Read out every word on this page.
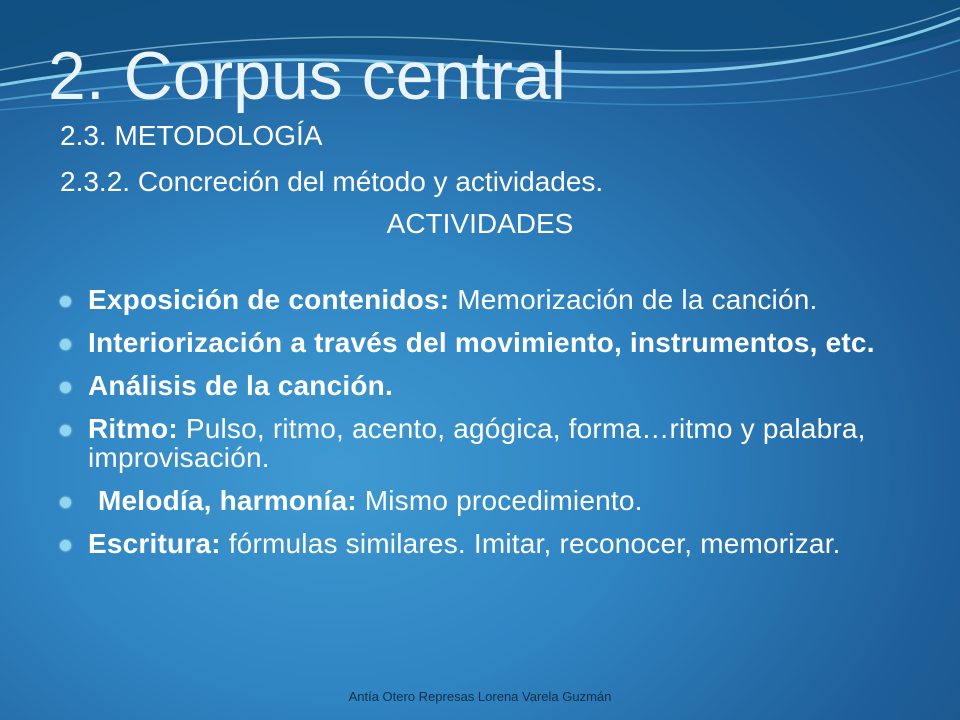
2. Corpus central
2.3. METODOLOGÍA
2.3.2. Concreción del método y actividades.
ACTIVIDADES
Exposición de contenidos: Memorización de la canción.
Interiorización a través del movimiento, instrumentos, etc.
Análisis de la canción.
Ritmo: Pulso, ritmo, acento, agógica, forma…ritmo y palabra, improvisación.
Melodía, harmonía: Mismo procedimiento.
Escritura: fórmulas similares. Imitar, reconocer, memorizar.
Antía Otero Represas Lorena Varela Guzmán
